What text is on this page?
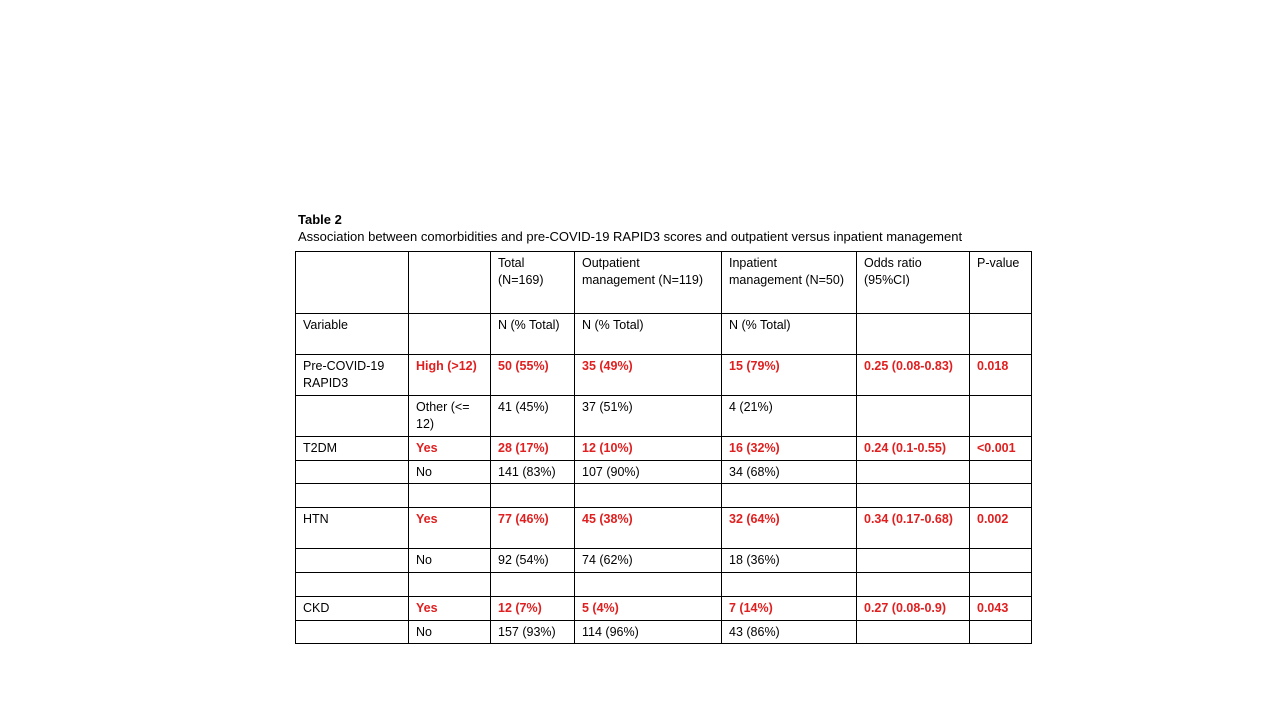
Table 2
Association between comorbidities and pre-COVID-19 RAPID3 scores and outpatient versus inpatient management
		Total (N=169)	Outpatient management (N=119)	Inpatient management (N=50)	Odds ratio (95%CI)	P-value
Variable		N (% Total)	N (% Total)	N (% Total)		
Pre-COVID-19 RAPID3	High (>12)	50 (55%)	35 (49%)	15 (79%)	0.25 (0.08-0.83)	0.018
	Other (<= 12)	41 (45%)	37 (51%)	4 (21%)		
T2DM	Yes	28 (17%)	12 (10%)	16 (32%)	0.24 (0.1-0.55)	<0.001
	No	141 (83%)	107 (90%)	34 (68%)		

HTN	Yes	77 (46%)	45 (38%)	32 (64%)	0.34 (0.17-0.68)	0.002
	No	92 (54%)	74 (62%)	18 (36%)		

CKD	Yes	12 (7%)	5 (4%)	7 (14%)	0.27 (0.08-0.9)	0.043
	No	157 (93%)	114 (96%)	43 (86%)		
